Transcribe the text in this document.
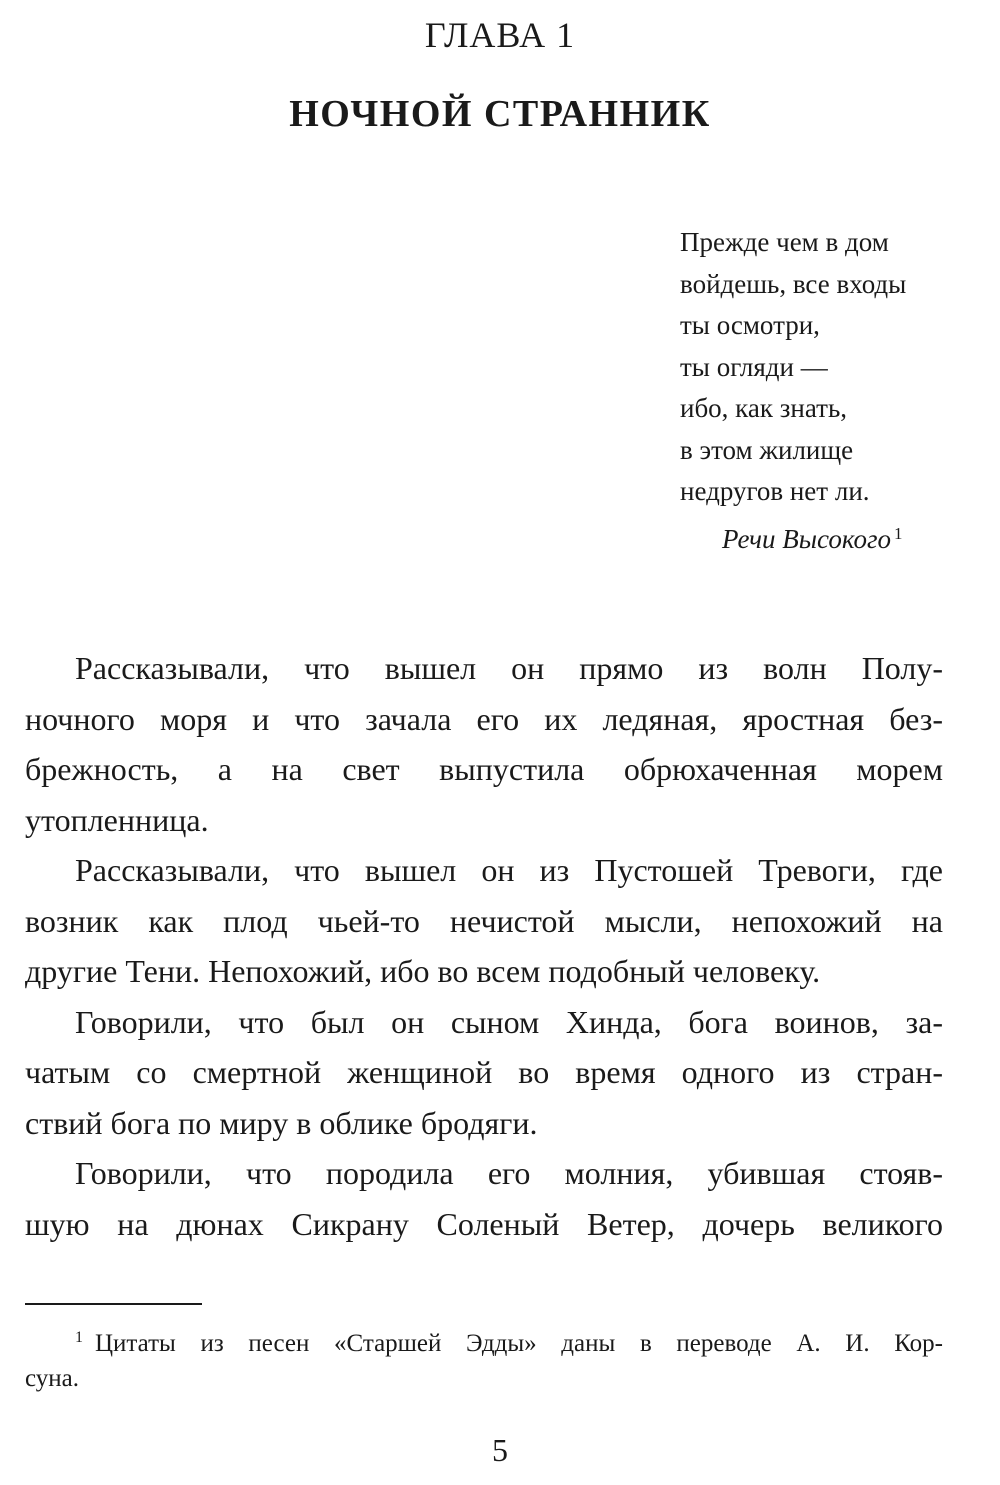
ГЛАВА 1
НОЧНОЙ СТРАННИК
Прежде чем в дом
войдешь, все входы
ты осмотри,
ты огляди —
ибо, как знать,
в этом жилище
недругов нет ли.
Речи Высокого $^1$
Рассказывали, что вышел он прямо из волн Полу-
ночного моря и что зачала его их ледяная, яростная без-
брежность, а на свет выпустила обрюхаченная морем
утопленница.
Рассказывали, что вышел он из Пустошей Тревоги, где
возник как плод чьей-то нечистой мысли, непохожий на
другие Тени. Непохожий, ибо во всем подобный человеку.
Говорили, что был он сыном Хинда, бога воинов, за-
чатым со смертной женщиной во время одного из стран-
ствий бога по миру в облике бродяги.
Говорили, что породила его молния, убившая стояв-
шую на дюнах Сикрану Соленый Ветер, дочерь великого
$^1$ Цитаты из песен «Старшей Эдды» даны в переводе А. И. Кор-
суна.
5
